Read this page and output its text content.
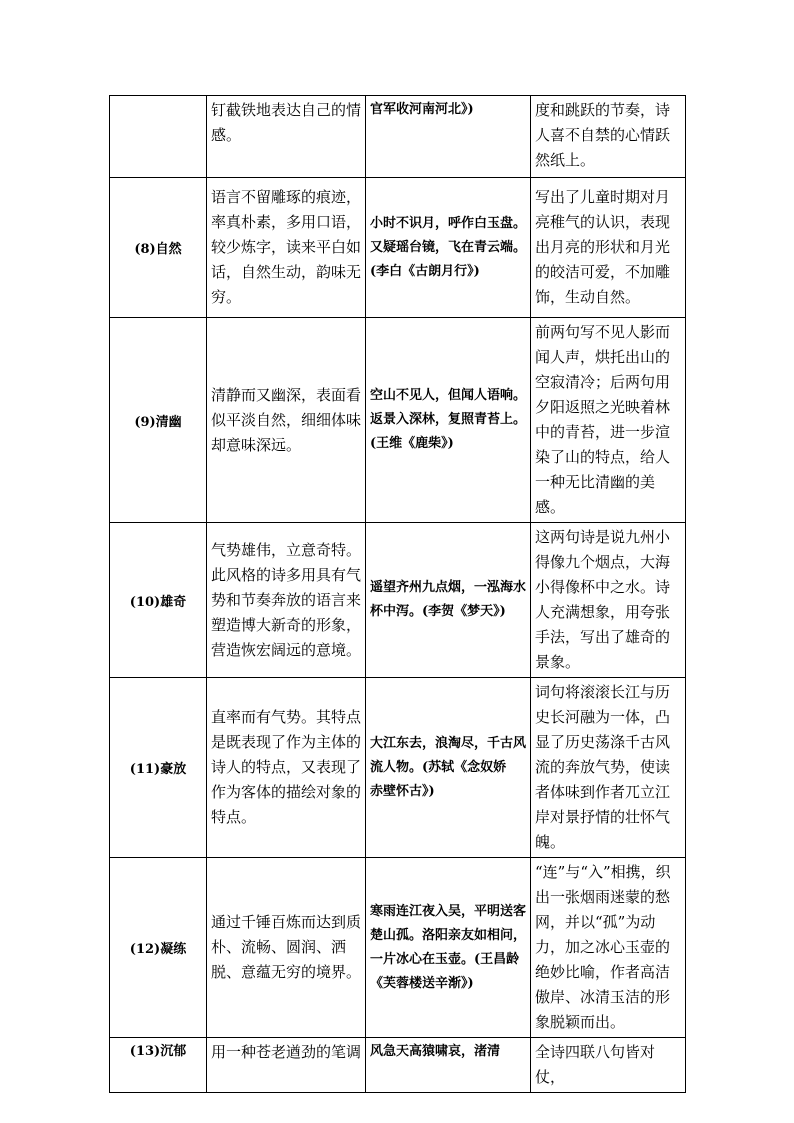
	钉截铁地表达自己的情感。	官军收河南河北》)	度和跳跃的节奏，诗人喜不自禁的心情跃然纸上。
(8)自然	语言不留雕琢的痕迹，率真朴素，多用口语，较少炼字，读来平白如话，自然生动，韵味无穷。	小时不识月，呼作白玉盘。又疑瑶台镜，飞在青云端。(李白《古朗月行》)	写出了儿童时期对月亮稚气的认识，表现出月亮的形状和月光的皎洁可爱，不加雕饰，生动自然。
(9)清幽	清静而又幽深，表面看似平淡自然，细细体味却意味深远。	空山不见人，但闻人语响。返景入深林，复照青苔上。(王维《鹿柴》)	前两句写不见人影而闻人声，烘托出山的空寂清冷；后两句用夕阳返照之光映着林中的青苔，进一步渲染了山的特点，给人一种无比清幽的美感。
(10)雄奇	气势雄伟，立意奇特。此风格的诗多用具有气势和节奏奔放的语言来塑造博大新奇的形象，营造恢宏阔远的意境。	遥望齐州九点烟，一泓海水杯中泻。(李贺《梦天》)	这两句诗是说九州小得像九个烟点，大海小得像杯中之水。诗人充满想象，用夸张手法，写出了雄奇的景象。
(11)豪放	直率而有气势。其特点是既表现了作为主体的诗人的特点，又表现了作为客体的描绘对象的特点。	大江东去，浪淘尽，千古风流人物。(苏轼《念奴娇　赤壁怀古》)	词句将滚滚长江与历史长河融为一体，凸显了历史荡涤千古风流的奔放气势，使读者体味到作者兀立江岸对景抒情的壮怀气魄。
(12)凝练	通过千锤百炼而达到质朴、流畅、圆润、洒脱、意蕴无穷的境界。	寒雨连江夜入吴，平明送客楚山孤。洛阳亲友如相问，一片冰心在玉壶。(王昌龄《芙蓉楼送辛渐》)	“连”与“入”相携，织出一张烟雨迷蒙的愁网，并以“孤”为动力，加之冰心玉壶的绝妙比喻，作者高洁傲岸、冰清玉洁的形象脱颖而出。
(13)沉郁	用一种苍老遒劲的笔调	风急天高猿啸哀，渚清	全诗四联八句皆对仗，
